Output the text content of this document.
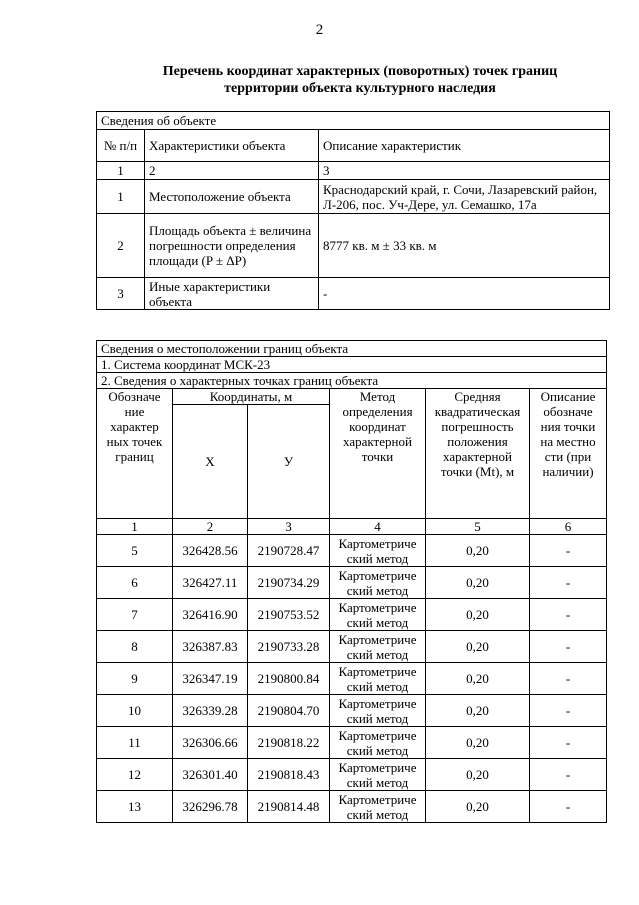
2
Перечень координат характерных (поворотных) точек границ
территории объекта культурного наследия
Сведения об объекте		
№ п/п	Характеристики объекта	Описание характеристик
1	2	3
1	Местоположение объекта	Краснодарский край, г. Сочи, Лазаревский район, Л-206, пос. Уч-Дере, ул. Семашко, 17а
2	Площадь объекта ± величина погрешности определения площади (P ± ΔP)	8777 кв. м ± 33 кв. м
3	Иные характеристики объекта	-
Сведения о местоположении границ объекта					
1. Система координат МСК-23					
2. Сведения о характерных точках границ объекта					
Обозначе ние характер ных точек границ	Координаты, м		Метод определения координат характерной точки	Средняя квадратическая погрешность положения характерной точки (Mt), м	Описание обозначе ния точки на местно сти (при наличии)
	X	У			
1	2	3	4	5	6
5	326428.56	2190728.47	Картометриче ский метод	0,20	-
6	326427.11	2190734.29	Картометриче ский метод	0,20	-
7	326416.90	2190753.52	Картометриче ский метод	0,20	-
8	326387.83	2190733.28	Картометриче ский метод	0,20	-
9	326347.19	2190800.84	Картометриче ский метод	0,20	-
10	326339.28	2190804.70	Картометриче ский метод	0,20	-
11	326306.66	2190818.22	Картометриче ский метод	0,20	-
12	326301.40	2190818.43	Картометриче ский метод	0,20	-
13	326296.78	2190814.48	Картометриче ский метод	0,20	-
